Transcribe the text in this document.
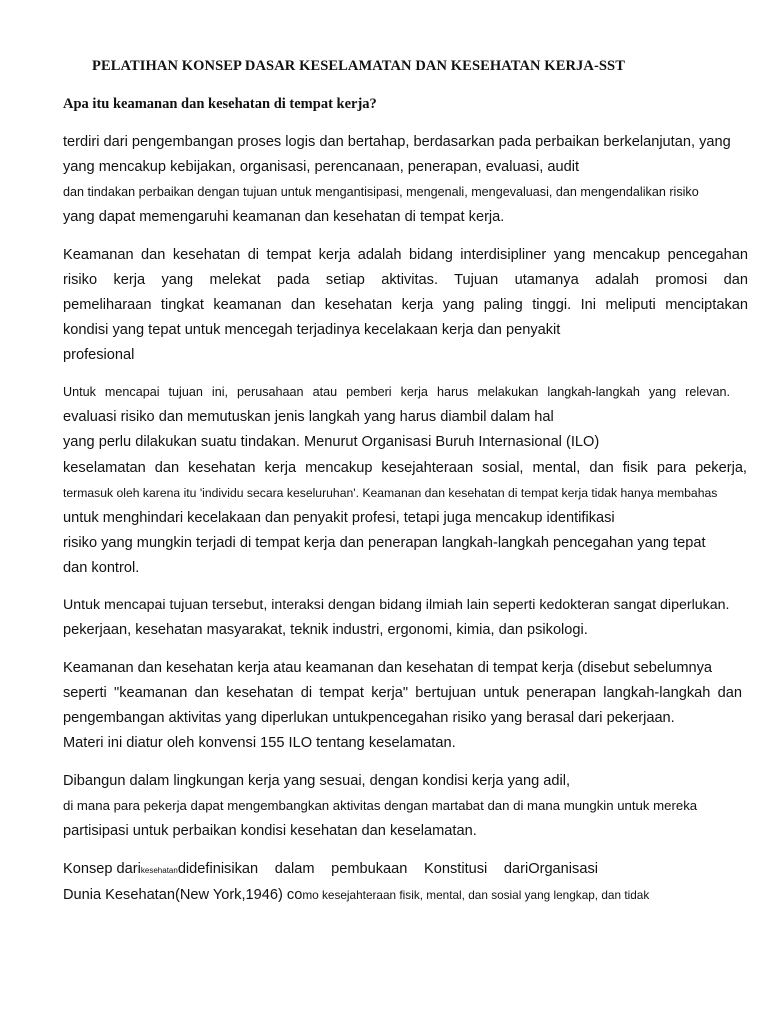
PELATIHAN KONSEP DASAR KESELAMATAN DAN KESEHATAN KERJA-SST
Apa itu keamanan dan kesehatan di tempat kerja?
terdiri dari pengembangan proses logis dan bertahap, berdasarkan pada perbaikan berkelanjutan, yang
yang mencakup kebijakan, organisasi, perencanaan, penerapan, evaluasi, audit
dan tindakan perbaikan dengan tujuan untuk mengantisipasi, mengenali, mengevaluasi, dan mengendalikan risiko
yang dapat memengaruhi keamanan dan kesehatan di tempat kerja.
Keamanan dan kesehatan di tempat kerja adalah bidang interdisipliner yang mencakup pencegahan
risiko kerja yang melekat pada setiap aktivitas. Tujuan utamanya adalah promosi dan
pemeliharaan tingkat keamanan dan kesehatan kerja yang paling tinggi. Ini meliputi menciptakan
kondisi yang tepat untuk mencegah terjadinya kecelakaan kerja dan penyakit
profesional
Untuk mencapai tujuan ini, perusahaan atau pemberi kerja harus melakukan langkah-langkah yang relevan.
evaluasi risiko dan memutuskan jenis langkah yang harus diambil dalam hal
yang perlu dilakukan suatu tindakan. Menurut Organisasi Buruh Internasional (ILO)
keselamatan dan kesehatan kerja mencakup kesejahteraan sosial, mental, dan fisik para pekerja,
termasuk oleh karena itu 'individu secara keseluruhan'. Keamanan dan kesehatan di tempat kerja tidak hanya membahas
untuk menghindari kecelakaan dan penyakit profesi, tetapi juga mencakup identifikasi
risiko yang mungkin terjadi di tempat kerja dan penerapan langkah-langkah pencegahan yang tepat
dan kontrol.
Untuk mencapai tujuan tersebut, interaksi dengan bidang ilmiah lain seperti kedokteran sangat diperlukan.
pekerjaan, kesehatan masyarakat, teknik industri, ergonomi, kimia, dan psikologi.
Keamanan dan kesehatan kerja atau keamanan dan kesehatan di tempat kerja (disebut sebelumnya
seperti "keamanan dan kesehatan di tempat kerja" bertujuan untuk penerapan langkah-langkah dan
pengembangan aktivitas yang diperlukan untukpencegahan risiko yang berasal dari pekerjaan.
Materi ini diatur oleh konvensi 155 ILO tentang keselamatan.
Dibangun dalam lingkungan kerja yang sesuai, dengan kondisi kerja yang adil,
di mana para pekerja dapat mengembangkan aktivitas dengan martabat dan di mana mungkin untuk mereka
partisipasi untuk perbaikan kondisi kesehatan dan keselamatan.
Konsep darikesehatan didefinisikan dalam pembukaan Konstitusi dariOrganisasi
Dunia Kesehatan(New York,1946) como kesejahteraan fisik, mental, dan sosial yang lengkap, dan tidak
